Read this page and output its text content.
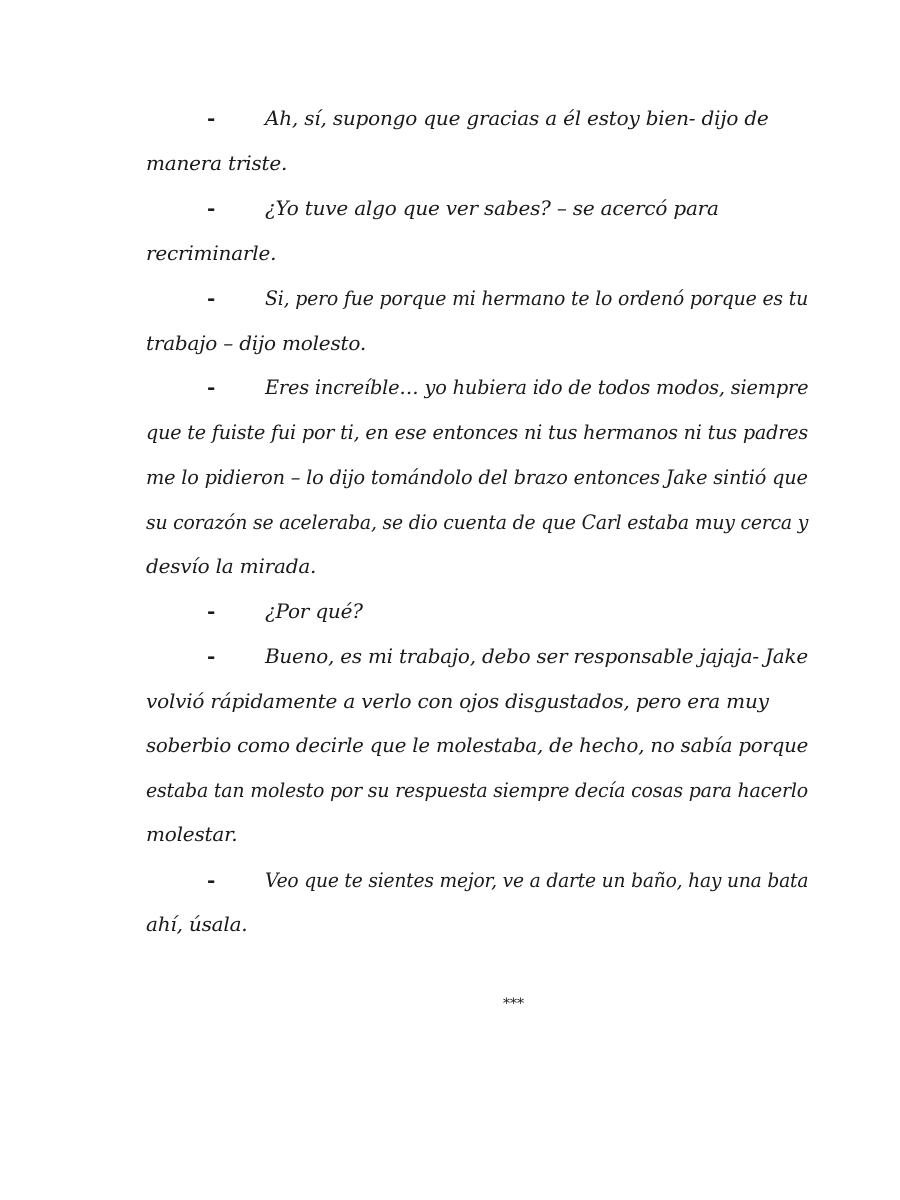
- Ah, sí, supongo que gracias a él estoy bien- dijo de
manera triste.
- ¿Yo tuve algo que ver sabes? – se acercó para
recriminarle.
- Si, pero fue porque mi hermano te lo ordenó porque es tu
trabajo – dijo molesto.
- Eres increíble… yo hubiera ido de todos modos, siempre
que te fuiste fui por ti, en ese entonces ni tus hermanos ni tus padres
me lo pidieron – lo dijo tomándolo del brazo entonces Jake sintió que
su corazón se aceleraba, se dio cuenta de que Carl estaba muy cerca y
desvío la mirada.
- ¿Por qué?
- Bueno, es mi trabajo, debo ser responsable jajaja- Jake
volvió rápidamente a verlo con ojos disgustados, pero era muy
soberbio como decirle que le molestaba, de hecho, no sabía porque
estaba tan molesto por su respuesta siempre decía cosas para hacerlo
molestar.
- Veo que te sientes mejor, ve a darte un baño, hay una bata
ahí, úsala.
***
